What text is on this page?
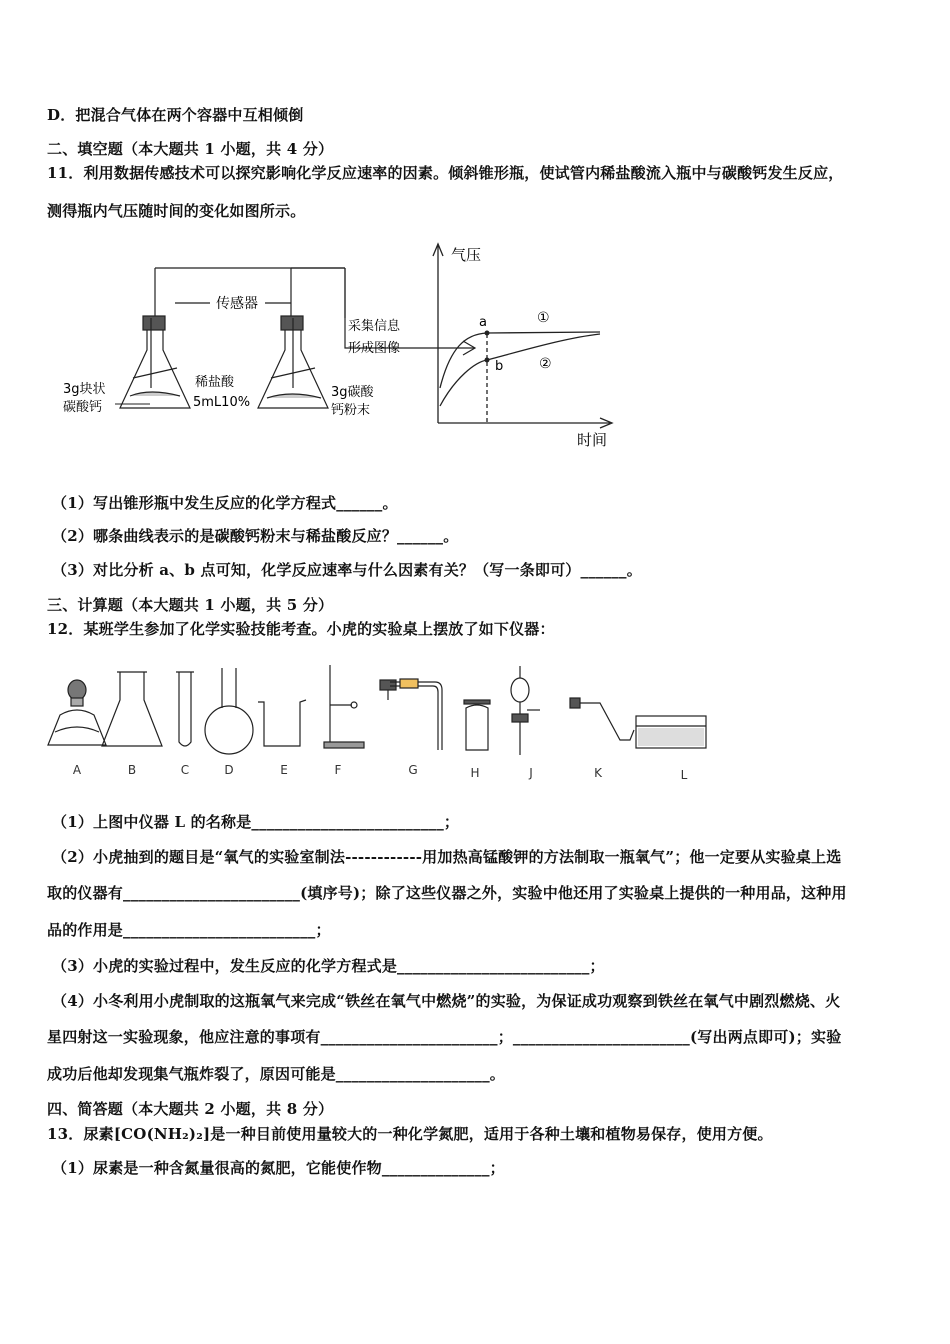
D．把混合气体在两个容器中互相倾倒
二、填空题（本大题共 1 小题，共 4 分）
11．利用数据传感技术可以探究影响化学反应速率的因素。倾斜锥形瓶，使试管内稀盐酸流入瓶中与碳酸钙发生反应，
测得瓶内气压随时间的变化如图所示。
传感器
3g块状
碳酸钙
稀盐酸
5mL10%
3g碳酸
钙粉末
采集信息
形成图像
气压
时间
a
b
①
②
（1）写出锥形瓶中发生反应的化学方程式______。
（2）哪条曲线表示的是碳酸钙粉末与稀盐酸反应？______。
（3）对比分析 a、b 点可知，化学反应速率与什么因素有关？（写一条即可）______。
三、计算题（本大题共 1 小题，共 5 分）
12．某班学生参加了化学实验技能考查。小虎的实验桌上摆放了如下仪器：
A	B	C	D	E	F	G	H	J	K	L
（1）上图中仪器 L 的名称是_________________________；
（2）小虎抽到的题目是“氧气的实验室制法------------用加热高锰酸钾的方法制取一瓶氧气”；他一定要从实验桌上选
取的仪器有_______________________(填序号)；除了这些仪器之外，实验中他还用了实验桌上提供的一种用品，这种用
品的作用是_________________________；
（3）小虎的实验过程中，发生反应的化学方程式是_________________________；
（4）小冬利用小虎制取的这瓶氧气来完成“铁丝在氧气中燃烧”的实验，为保证成功观察到铁丝在氧气中剧烈燃烧、火
星四射这一实验现象，他应注意的事项有_______________________；_______________________(写出两点即可)；实验
成功后他却发现集气瓶炸裂了，原因可能是____________________。
四、简答题（本大题共 2 小题，共 8 分）
13．尿素[CO(NH₂)₂]是一种目前使用量较大的一种化学氮肥，适用于各种土壤和植物易保存，使用方便。
（1）尿素是一种含氮量很高的氮肥，它能使作物______________；
